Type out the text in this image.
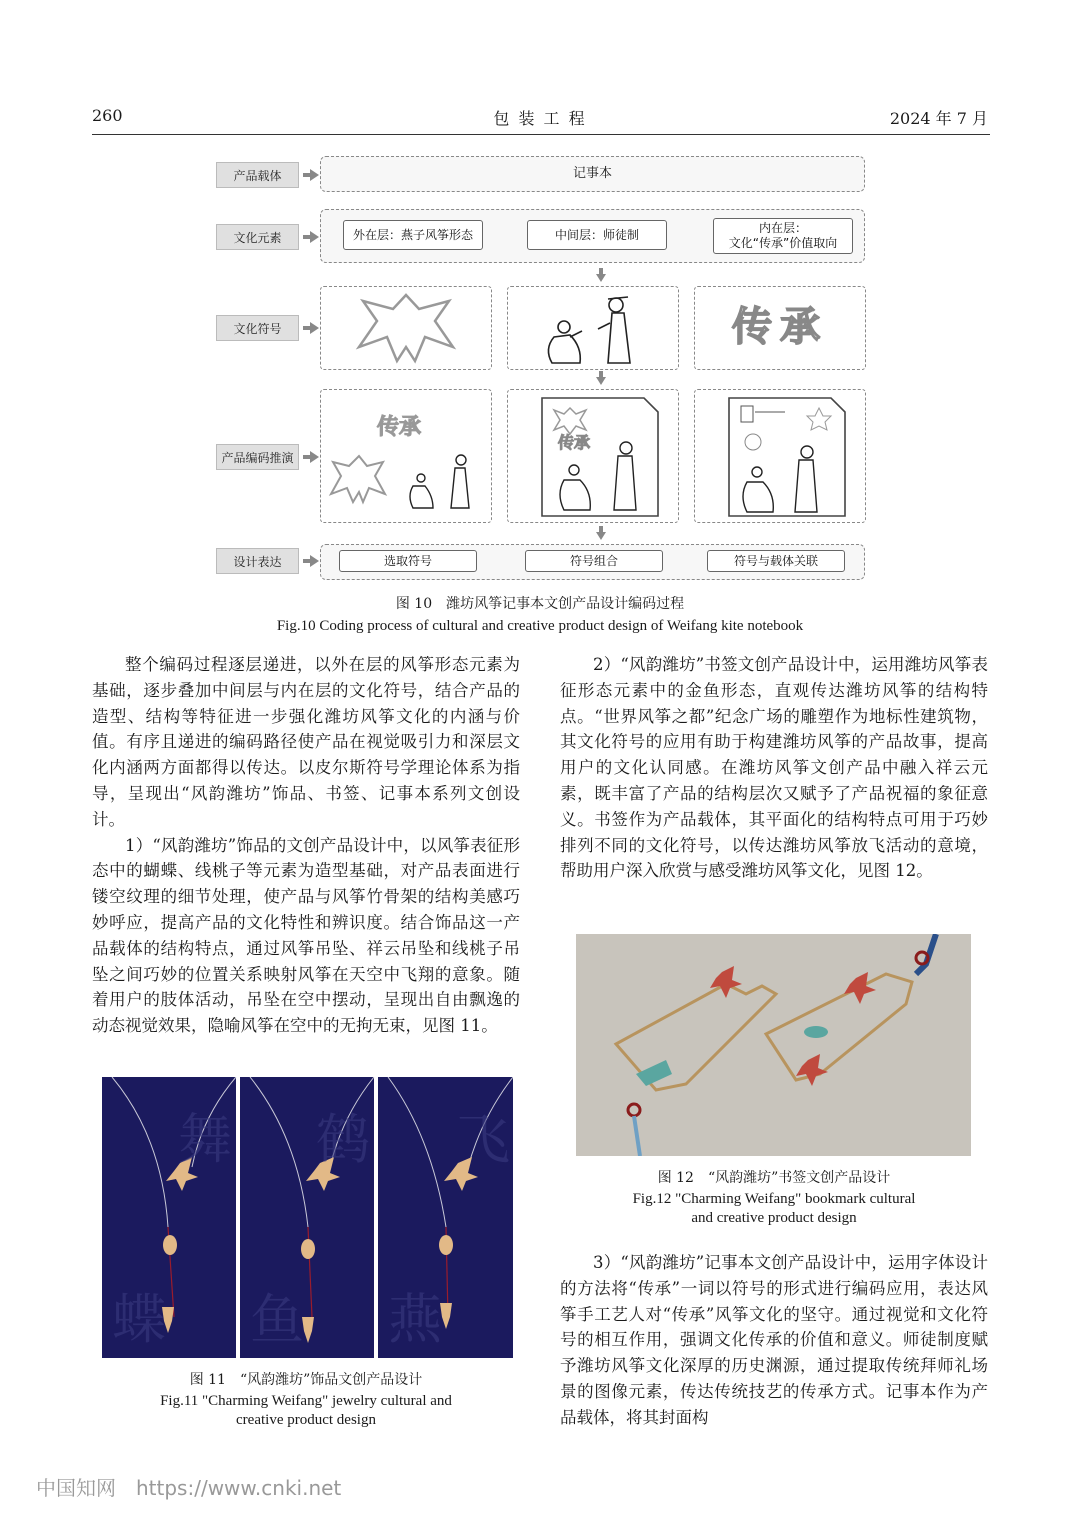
260	包 装 工 程	2024 年 7 月
产品载体
文化元素
文化符号
产品编码推演
设计表达
记事本
外在层：燕子风筝形态	中间层：师徒制	内在层：
文化“传承”价值取向
传承
传承
传承
选取符号	符号组合	符号与载体关联
图 10　潍坊风筝记事本文创产品设计编码过程
Fig.10 Coding process of cultural and creative product design of Weifang kite notebook

整个编码过程逐层递进，以外在层的风筝形态元素为基础，逐步叠加中间层与内在层的文化符号，结合产品的造型、结构等特征进一步强化潍坊风筝文化的内涵与价值。有序且递进的编码路径使产品在视觉吸引力和深层文化内涵两方面都得以传达。以皮尔斯符号学理论体系为指导，呈现出“风韵潍坊”饰品、书签、记事本系列文创设计。

1）“风韵潍坊”饰品的文创产品设计中，以风筝表征形态中的蝴蝶、线桃子等元素为造型基础，对产品表面进行镂空纹理的细节处理，使产品与风筝竹骨架的结构美感巧妙呼应，提高产品的文化特性和辨识度。结合饰品这一产品载体的结构特点，通过风筝吊坠、祥云吊坠和线桃子吊坠之间巧妙的位置关系映射风筝在天空中飞翔的意象。随着用户的肢体活动，吊坠在空中摆动，呈现出自由飘逸的动态视觉效果，隐喻风筝在空中的无拘无束，见图 11。

舞 鹤 飞
蝶 鱼 燕
图 11　“风韵潍坊”饰品文创产品设计
Fig.11 "Charming Weifang" jewelry cultural and
creative product design

2）“风韵潍坊”书签文创产品设计中，运用潍坊风筝表征形态元素中的金鱼形态，直观传达潍坊风筝的结构特点。“世界风筝之都”纪念广场的雕塑作为地标性建筑物，其文化符号的应用有助于构建潍坊风筝的产品故事，提高用户的文化认同感。在潍坊风筝文创产品中融入祥云元素，既丰富了产品的结构层次又赋予了产品祝福的象征意义。书签作为产品载体，其平面化的结构特点可用于巧妙排列不同的文化符号，以传达潍坊风筝放飞活动的意境，帮助用户深入欣赏与感受潍坊风筝文化，见图 12。

图 12　“风韵潍坊”书签文创产品设计
Fig.12 "Charming Weifang" bookmark cultural
and creative product design

3）“风韵潍坊”记事本文创产品设计中，运用字体设计的方法将“传承”一词以符号的形式进行编码应用，表达风筝手工艺人对“传承”风筝文化的坚守。通过视觉和文化符号的相互作用，强调文化传承的价值和意义。师徒制度赋予潍坊风筝文化深厚的历史渊源，通过提取传统拜师礼场景的图像元素，传达传统技艺的传承方式。记事本作为产品载体，将其封面构

中国知网　https://www.cnki.net
